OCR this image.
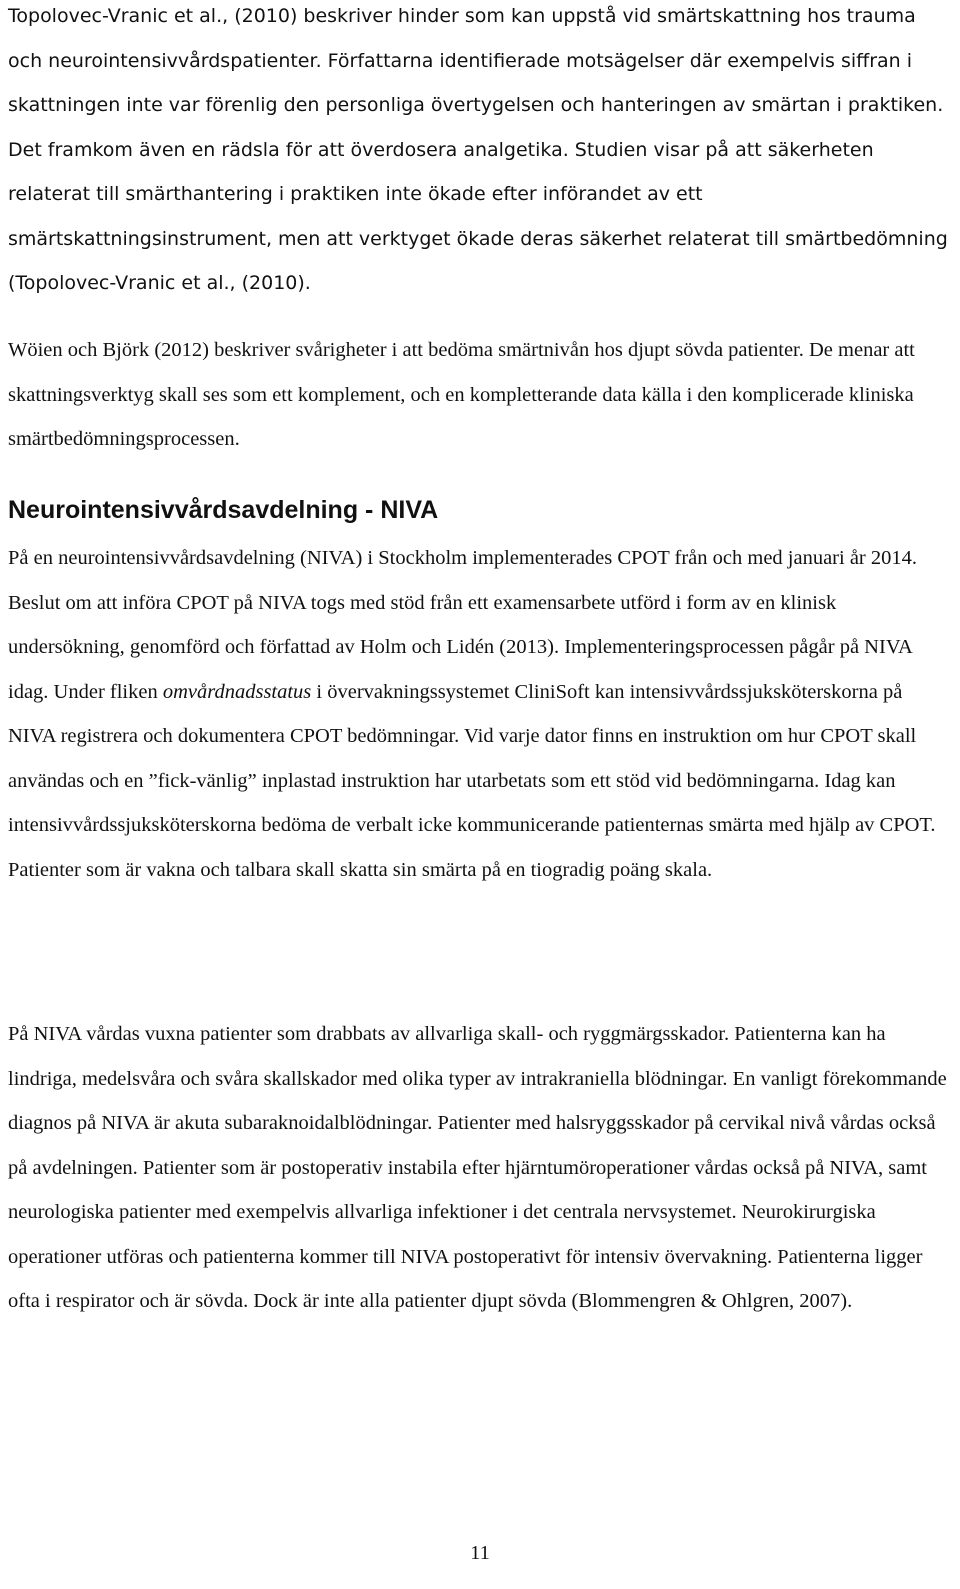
Topolovec-Vranic et al., (2010) beskriver hinder som kan uppstå vid smärtskattning hos trauma och neurointensivvårdspatienter. Författarna identifierade motsägelser där exempelvis siffran i skattningen inte var förenlig den personliga övertygelsen och hanteringen av smärtan i praktiken. Det framkom även en rädsla för att överdosera analgetika. Studien visar på att säkerheten relaterat till smärthantering i praktiken inte ökade efter införandet av ett smärtskattningsinstrument, men att verktyget ökade deras säkerhet relaterat till smärtbedömning (Topolovec-Vranic et al., (2010).

Wöien och Björk (2012) beskriver svårigheter i att bedöma smärtnivån hos djupt sövda patienter. De menar att skattningsverktyg skall ses som ett komplement, och en kompletterande data källa i den komplicerade kliniska smärtbedömningsprocessen.

Neurointensivvårdsavdelning - NIVA

På en neurointensivvårdsavdelning (NIVA) i Stockholm implementerades CPOT från och med januari år 2014. Beslut om att införa CPOT på NIVA togs med stöd från ett examensarbete utförd i form av en klinisk undersökning, genomförd och författad av Holm och Lidén (2013). Implementeringsprocessen pågår på NIVA idag. Under fliken omvårdnadsstatus i övervakningssystemet CliniSoft kan intensivvårdssjuksköterskorna på NIVA registrera och dokumentera CPOT bedömningar. Vid varje dator finns en instruktion om hur CPOT skall användas och en ”fick-vänlig” inplastad instruktion har utarbetats som ett stöd vid bedömningarna. Idag kan intensivvårdssjuksköterskorna bedöma de verbalt icke kommunicerande patienternas smärta med hjälp av CPOT. Patienter som är vakna och talbara skall skatta sin smärta på en tiogradig poäng skala.

På NIVA vårdas vuxna patienter som drabbats av allvarliga skall- och ryggmärgsskador. Patienterna kan ha lindriga, medelsvåra och svåra skallskador med olika typer av intrakraniella blödningar. En vanligt förekommande diagnos på NIVA är akuta subaraknoidalblödningar. Patienter med halsryggsskador på cervikal nivå vårdas också på avdelningen. Patienter som är postoperativ instabila efter hjärntumöroperationer vårdas också på NIVA, samt neurologiska patienter med exempelvis allvarliga infektioner i det centrala nervsystemet. Neurokirurgiska operationer utföras och patienterna kommer till NIVA postoperativt för intensiv övervakning. Patienterna ligger ofta i respirator och är sövda. Dock är inte alla patienter djupt sövda (Blommengren & Ohlgren, 2007).

11
